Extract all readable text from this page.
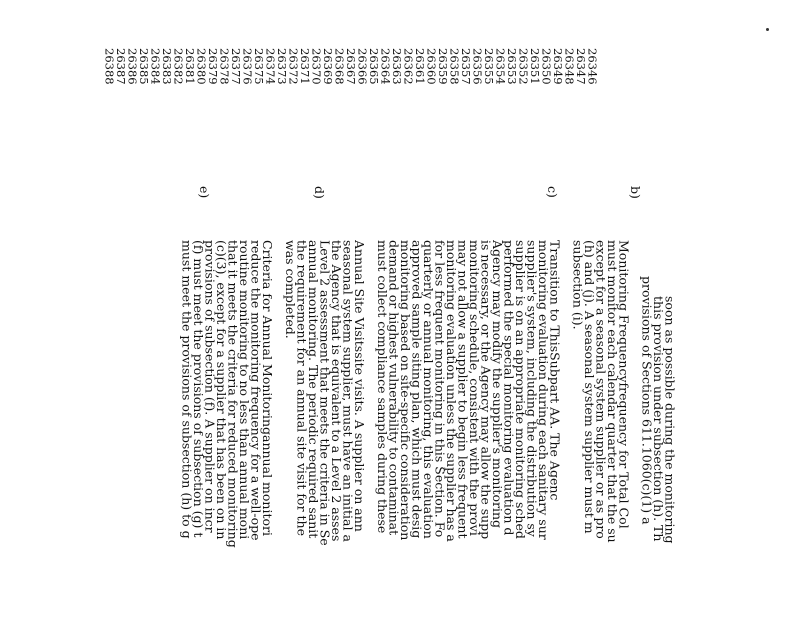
26346
26347
26348
26349
26350
26351
26352
26353
26354
26355
26356
26357
26358
26359
26360
26361
26362
26363
26364
26365
26366
26367
26368
26369
26370
26371
26372
26373
26374
26375
26376
26377
26378
26379
26380
26381
26382
26383
26384
26385
26386
26387
26388
b)
c)
d)
e)
soon as possible during the monitoring
this provision under subsection (h). Th
provisions of Sections 611.1060(c)(1) a
Monitoring Frequencyfrequency for Total Col
must monitor each calendar quarter that the su
except for a seasonal system supplier or as pro
(h) and (j). A seasonal system supplier must m
subsection (i).
Transition to ThisSubpart AA. The Agenc
monitoring evaluation during each sanitary sur
supplier's system, including the distribution sy
supplier is on an appropriate monitoring sched
performed the special monitoring evaluation d
Agency may modify the supplier's monitoring
is necessary, or the Agency may allow the supp
monitoring schedule, consistent with the provi
may not allow a supplier to begin less frequent
monitoring evaluation unless the supplier has a
for less frequent monitoring in this Section. Fo
quarterly or annual monitoring, this evaluation
approved sample siting plan, which must desig
monitoring based on site-specific consideration
demand or highest vulnerability to contaminat
must collect compliance samples during these
Annual Site Visitssite visits. A supplier on ann
seasonal system supplier, must have an initial a
the Agency that is equivalent to a Level 2 asses
Level 2 assessment that meets the criteria in Se
annual monitoring. The periodic required sanit
the requirement for an annual site visit for the
was completed.
Criteria for Annual Monitoringannual monitori
reduce the monitoring frequency for a well-ope
routine monitoring to no less than annual moni
that it meets the criteria for reduced monitoring
(c)(3), except for a supplier that has been on in
provisions of subsection (f). A supplier on incr
(f) must meet the provisions of subsection (g) t
must meet the provisions of subsection (h) to g
